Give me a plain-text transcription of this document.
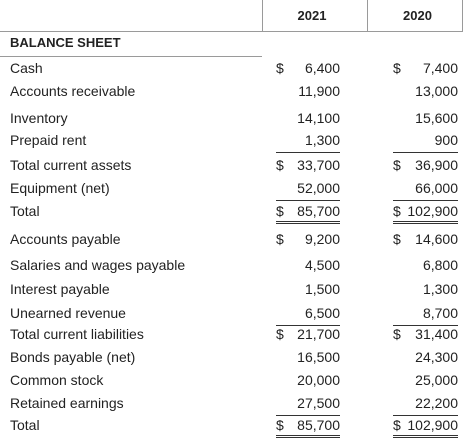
2021	2020
BALANCE SHEET
Cash	$ 6,400	$ 7,400
Accounts receivable	11,900	13,000
Inventory	14,100	15,600
Prepaid rent	1,300	900
Total current assets	$ 33,700	$ 36,900
Equipment (net)	52,000	66,000
Total	$ 85,700	$ 102,900
Accounts payable	$ 9,200	$ 14,600
Salaries and wages payable	4,500	6,800
Interest payable	1,500	1,300
Unearned revenue	6,500	8,700
Total current liabilities	$ 21,700	$ 31,400
Bonds payable (net)	16,500	24,300
Common stock	20,000	25,000
Retained earnings	27,500	22,200
Total	$ 85,700	$ 102,900
